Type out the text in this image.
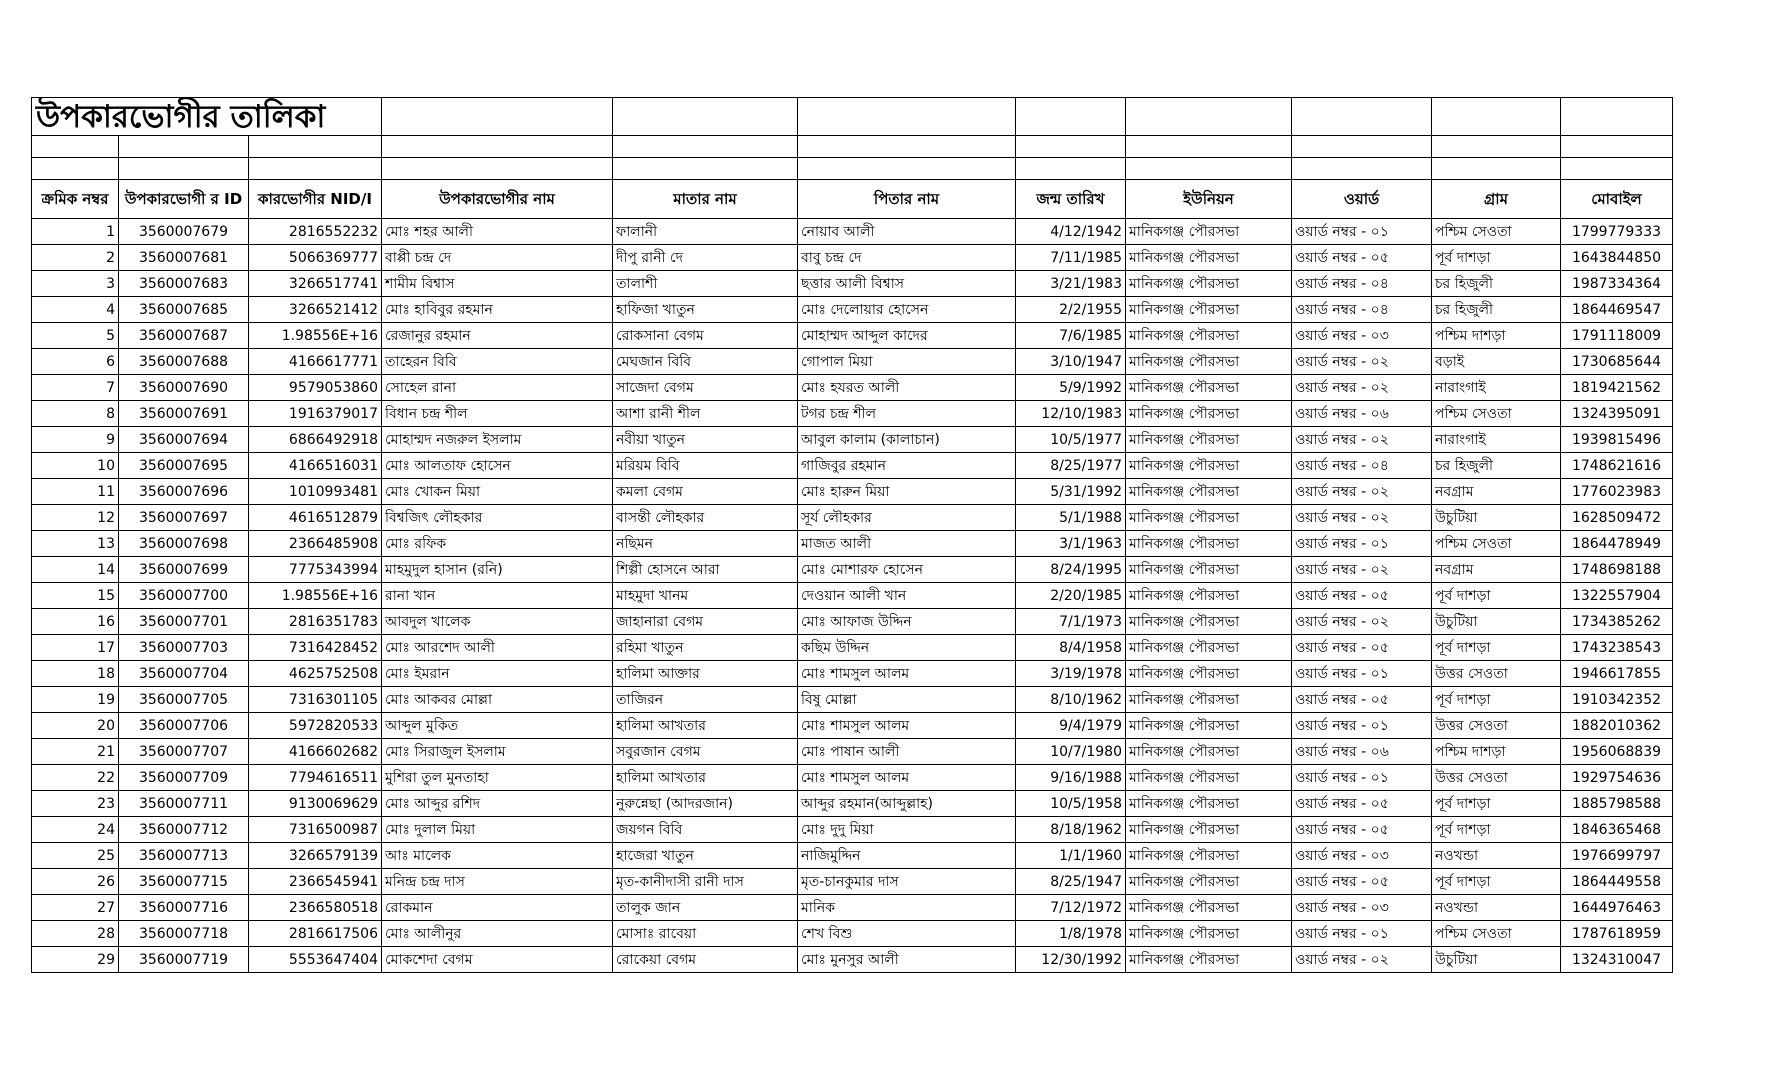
উপকারভোগীর তালিকা										

ক্রমিক নম্বর	উপকারভোগী র ID	কারভোগীর NID/I	উপকারভোগীর নাম	মাতার নাম	পিতার নাম	জন্ম তারিখ	ইউনিয়ন	ওয়ার্ড	গ্রাম	মোবাইল
1	3560007679	2816552232	মোঃ শহর আলী	ফালানী	নোয়াব আলী	4/12/1942	মানিকগঞ্জ পৌরসভা	ওয়ার্ড নম্বর - ০১	পশ্চিম সেওতা	1799779333
2	3560007681	5066369777	বাপ্পী চন্দ্র দে	দীপু রানী দে	বাবু চন্দ্র দে	7/11/1985	মানিকগঞ্জ পৌরসভা	ওয়ার্ড নম্বর - ০৫	পূর্ব দাশড়া	1643844850
3	3560007683	3266517741	শামীম বিশ্বাস	তালাশী	ছত্তার আলী বিশ্বাস	3/21/1983	মানিকগঞ্জ পৌরসভা	ওয়ার্ড নম্বর - ০৪	চর হিজুলী	1987334364
4	3560007685	3266521412	মোঃ হাবিবুর রহমান	হাফিজা খাতুন	মোঃ দেলোয়ার হোসেন	2/2/1955	মানিকগঞ্জ পৌরসভা	ওয়ার্ড নম্বর - ০৪	চর হিজুলী	1864469547
5	3560007687	1.98556E+16	রেজানুর রহমান	রোকসানা বেগম	মোহাম্মদ আব্দুল কাদের	7/6/1985	মানিকগঞ্জ পৌরসভা	ওয়ার্ড নম্বর - ০৩	পশ্চিম দাশড়া	1791118009
6	3560007688	4166617771	তাহেরন বিবি	মেঘজান বিবি	গোপাল মিয়া	3/10/1947	মানিকগঞ্জ পৌরসভা	ওয়ার্ড নম্বর - ০২	বড়াই	1730685644
7	3560007690	9579053860	সোহেল রানা	সাজেদা বেগম	মোঃ হযরত আলী	5/9/1992	মানিকগঞ্জ পৌরসভা	ওয়ার্ড নম্বর - ০২	নারাংগাই	1819421562
8	3560007691	1916379017	বিধান চন্দ্র শীল	আশা রানী শীল	টগর চন্দ্র শীল	12/10/1983	মানিকগঞ্জ পৌরসভা	ওয়ার্ড নম্বর - ০৬	পশ্চিম সেওতা	1324395091
9	3560007694	6866492918	মোহাম্মদ নজরুল ইসলাম	নবীয়া খাতুন	আবুল কালাম (কালাচান)	10/5/1977	মানিকগঞ্জ পৌরসভা	ওয়ার্ড নম্বর - ০২	নারাংগাই	1939815496
10	3560007695	4166516031	মোঃ আলতাফ হোসেন	মরিয়ম বিবি	গাজিবুর রহমান	8/25/1977	মানিকগঞ্জ পৌরসভা	ওয়ার্ড নম্বর - ০৪	চর হিজুলী	1748621616
11	3560007696	1010993481	মোঃ খোকন মিয়া	কমলা বেগম	মোঃ হারুন মিয়া	5/31/1992	মানিকগঞ্জ পৌরসভা	ওয়ার্ড নম্বর - ০২	নবগ্রাম	1776023983
12	3560007697	4616512879	বিশ্বজিৎ লৌহকার	বাসন্তী লৌহকার	সূর্য লৌহকার	5/1/1988	মানিকগঞ্জ পৌরসভা	ওয়ার্ড নম্বর - ০২	উচুটিয়া	1628509472
13	3560007698	2366485908	মোঃ রফিক	নছিমন	মাজত আলী	3/1/1963	মানিকগঞ্জ পৌরসভা	ওয়ার্ড নম্বর - ০১	পশ্চিম সেওতা	1864478949
14	3560007699	7775343994	মাহমুদুল হাসান (রনি)	শিল্পী হোসনে আরা	মোঃ মোশারফ হোসেন	8/24/1995	মানিকগঞ্জ পৌরসভা	ওয়ার্ড নম্বর - ০২	নবগ্রাম	1748698188
15	3560007700	1.98556E+16	রানা খান	মাহমুদা খানম	দেওয়ান আলী খান	2/20/1985	মানিকগঞ্জ পৌরসভা	ওয়ার্ড নম্বর - ০৫	পূর্ব দাশড়া	1322557904
16	3560007701	2816351783	আবদুল খালেক	জাহানারা বেগম	মোঃ আফাজ উদ্দিন	7/1/1973	মানিকগঞ্জ পৌরসভা	ওয়ার্ড নম্বর - ০২	উচুটিয়া	1734385262
17	3560007703	7316428452	মোঃ আরশেদ আলী	রহিমা খাতুন	কছিম উদ্দিন	8/4/1958	মানিকগঞ্জ পৌরসভা	ওয়ার্ড নম্বর - ০৫	পূর্ব দাশড়া	1743238543
18	3560007704	4625752508	মোঃ ইমরান	হালিমা আক্তার	মোঃ শামসুল আলম	3/19/1978	মানিকগঞ্জ পৌরসভা	ওয়ার্ড নম্বর - ০১	উত্তর সেওতা	1946617855
19	3560007705	7316301105	মোঃ আকবর মোল্লা	তাজিরন	বিষু মোল্লা	8/10/1962	মানিকগঞ্জ পৌরসভা	ওয়ার্ড নম্বর - ০৫	পূর্ব দাশড়া	1910342352
20	3560007706	5972820533	আব্দুল মুকিত	হালিমা আখতার	মোঃ শামসুল আলম	9/4/1979	মানিকগঞ্জ পৌরসভা	ওয়ার্ড নম্বর - ০১	উত্তর সেওতা	1882010362
21	3560007707	4166602682	মোঃ সিরাজুল ইসলাম	সবুরজান বেগম	মোঃ পাষান আলী	10/7/1980	মানিকগঞ্জ পৌরসভা	ওয়ার্ড নম্বর - ০৬	পশ্চিম দাশড়া	1956068839
22	3560007709	7794616511	মুশিরা তুল মুনতাহা	হালিমা আখতার	মোঃ শামসুল আলম	9/16/1988	মানিকগঞ্জ পৌরসভা	ওয়ার্ড নম্বর - ০১	উত্তর সেওতা	1929754636
23	3560007711	9130069629	মোঃ আব্দুর রশিদ	নুরুন্নেছা (আদরজান)	আব্দুর রহমান(আব্দুল্লাহ)	10/5/1958	মানিকগঞ্জ পৌরসভা	ওয়ার্ড নম্বর - ০৫	পূর্ব দাশড়া	1885798588
24	3560007712	7316500987	মোঃ দুলাল মিয়া	জয়গন বিবি	মোঃ দুদু মিয়া	8/18/1962	মানিকগঞ্জ পৌরসভা	ওয়ার্ড নম্বর - ০৫	পূর্ব দাশড়া	1846365468
25	3560007713	3266579139	আঃ মালেক	হাজেরা খাতুন	নাজিমুদ্দিন	1/1/1960	মানিকগঞ্জ পৌরসভা	ওয়ার্ড নম্বর - ০৩	নওখন্ডা	1976699797
26	3560007715	2366545941	মনিন্দ্র চন্দ্র দাস	মৃত-কানীদাসী রানী দাস	মৃত-চানকুমার দাস	8/25/1947	মানিকগঞ্জ পৌরসভা	ওয়ার্ড নম্বর - ০৫	পূর্ব দাশড়া	1864449558
27	3560007716	2366580518	রোকমান	তালুক জান	মানিক	7/12/1972	মানিকগঞ্জ পৌরসভা	ওয়ার্ড নম্বর - ০৩	নওখন্ডা	1644976463
28	3560007718	2816617506	মোঃ আলীনুর	মোসাঃ রাবেয়া	শেখ বিশু	1/8/1978	মানিকগঞ্জ পৌরসভা	ওয়ার্ড নম্বর - ০১	পশ্চিম সেওতা	1787618959
29	3560007719	5553647404	মোকশেদা বেগম	রোকেয়া বেগম	মোঃ মুনসুর আলী	12/30/1992	মানিকগঞ্জ পৌরসভা	ওয়ার্ড নম্বর - ০২	উচুটিয়া	1324310047
